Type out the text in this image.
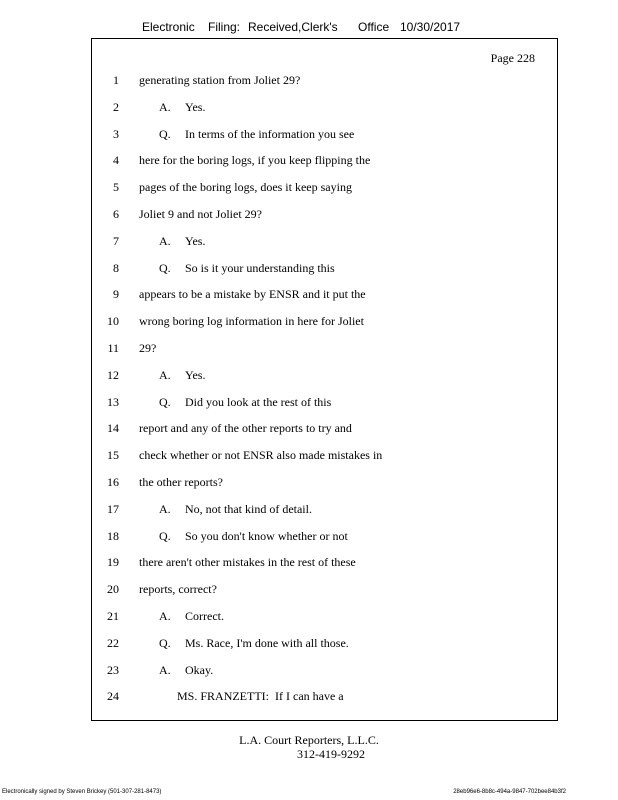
Electronic Filing: Received,Clerk's Office 10/30/2017
Page 228
1 generating station from Joliet 29?
2	A. Yes.
3	Q. In terms of the information you see
4 here for the boring logs, if you keep flipping the
5 pages of the boring logs, does it keep saying
6 Joliet 9 and not Joliet 29?
7	A. Yes.
8	Q. So is it your understanding this
9 appears to be a mistake by ENSR and it put the
10 wrong boring log information in here for Joliet
11 29?
12	A. Yes.
13	Q. Did you look at the rest of this
14 report and any of the other reports to try and
15 check whether or not ENSR also made mistakes in
16 the other reports?
17	A. No, not that kind of detail.
18	Q. So you don't know whether or not
19 there aren't other mistakes in the rest of these
20 reports, correct?
21	A. Correct.
22	Q. Ms. Race, I'm done with all those.
23	A. Okay.
24	MS. FRANZETTI:  If I can have a
L.A. Court Reporters, L.L.C.
312-419-9292
Electronically signed by Steven Brickey (501-307-281-8473)	28eb96e6-8b8c-494a-9847-702bee84b3f2
